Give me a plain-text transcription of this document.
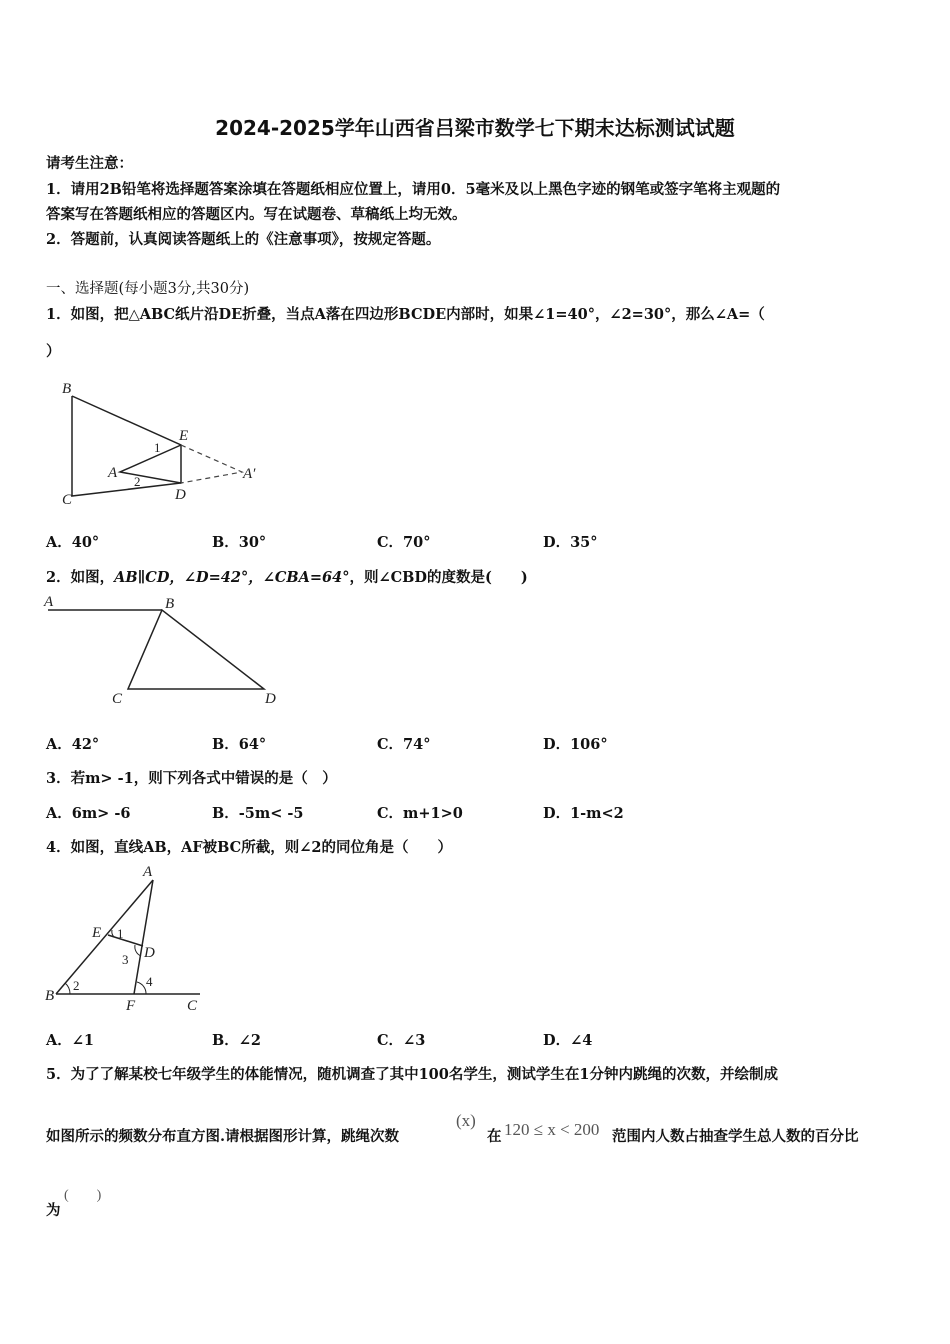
2024-2025学年山西省吕梁市数学七下期末达标测试试题
请考生注意：
1．请用2B铅笔将选择题答案涂填在答题纸相应位置上，请用0．5毫米及以上黑色字迹的钢笔或签字笔将主观题的
答案写在答题纸相应的答题区内。写在试题卷、草稿纸上均无效。
2．答题前，认真阅读答题纸上的《注意事项》，按规定答题。
一、选择题(每小题3分,共30分)
1．如图，把△ABC纸片沿DE折叠，当点A落在四边形BCDE内部时，如果∠1=40°，∠2=30°，那么∠A=（
）
B
E
1
A
2	A′
C	D
A．40°	B．30°	C．70°	D．35°
2．如图，AB∥CD，∠D=42°，∠CBA=64°，则∠CBD的度数是(　　)
A	B
C	D
A．42°	B．64°	C．74°	D．106°
3．若m> -1，则下列各式中错误的是（　）
A．6m> -6	B．-5m< -5	C．m+1>0	D．1-m<2
4．如图，直线AB，AF被BC所截，则∠2的同位角是（　　）
A
E 1
D
3
4
2
B
F	C
A．∠1	B．∠2	C．∠3	D．∠4
5．为了了解某校七年级学生的体能情况，随机调查了其中100名学生，测试学生在1分钟内跳绳的次数，并绘制成
如图所示的频数分布直方图.请根据图形计算，跳绳次数
(x)
在 120 ≤ x < 200 范围内人数占抽查学生总人数的百分比
为
(　　)
